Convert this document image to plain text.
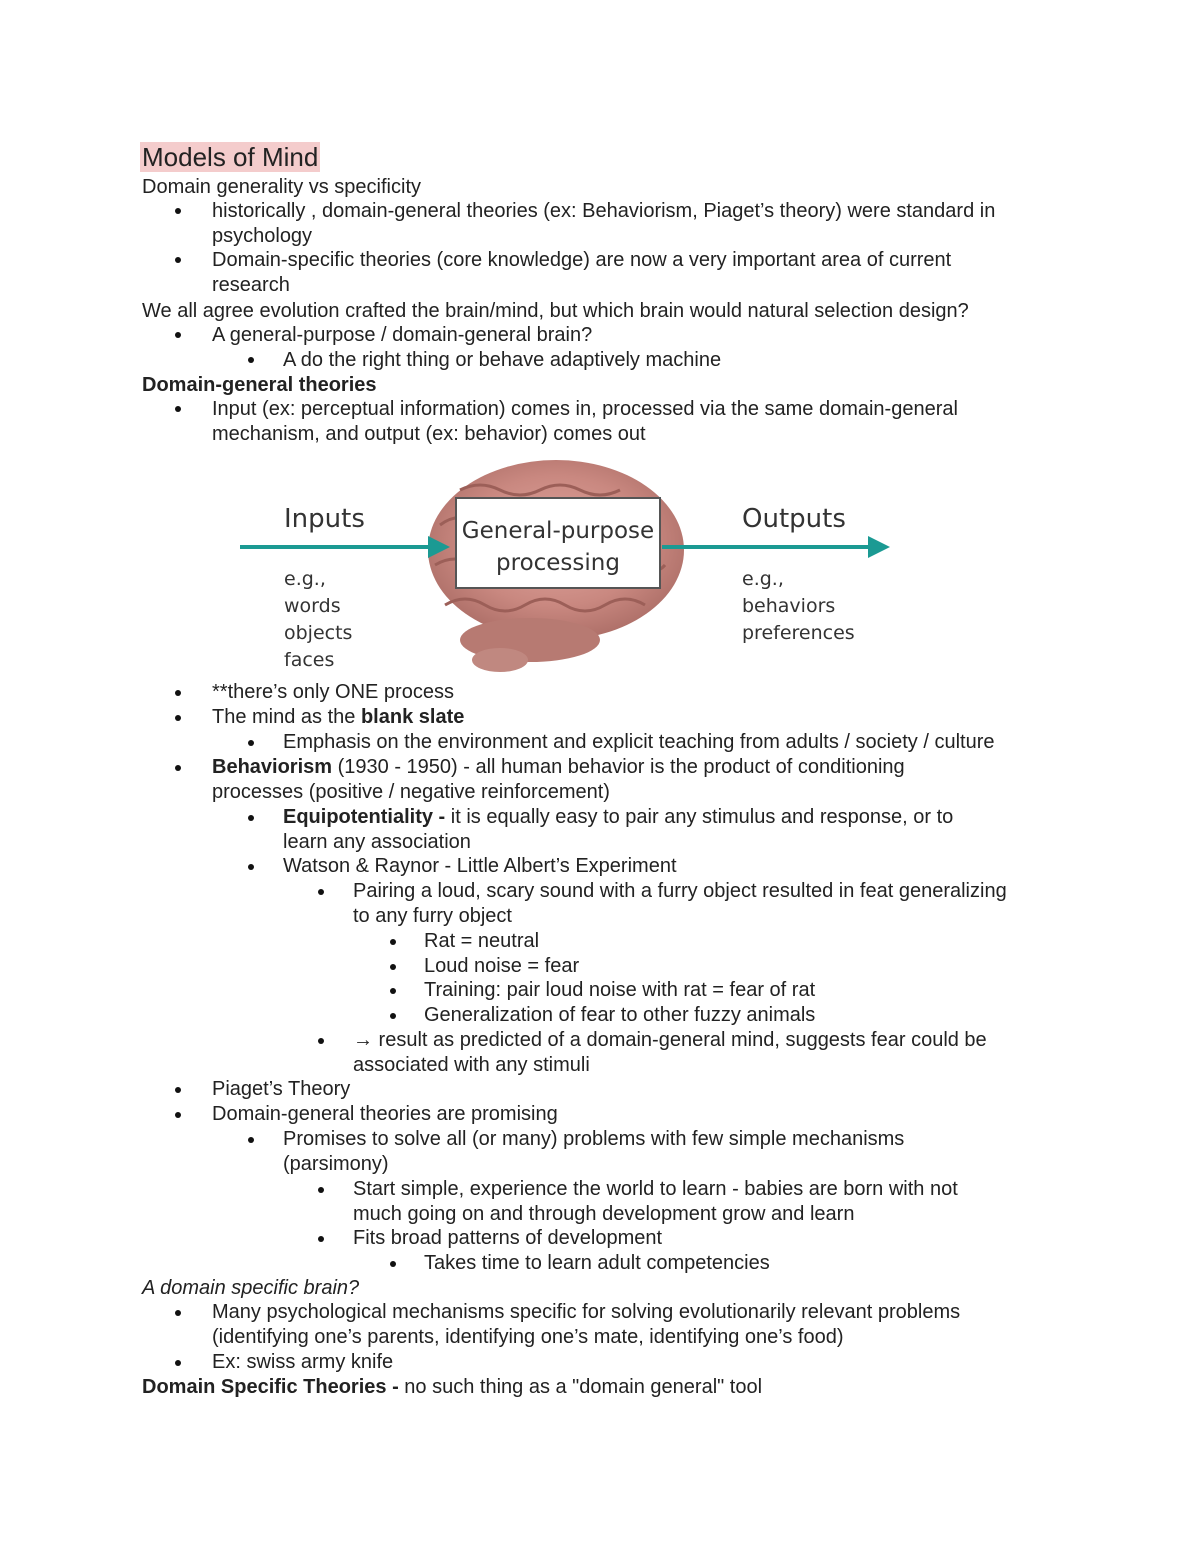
Models of Mind
Domain generality vs specificity
historically , domain-general theories (ex: Behaviorism, Piaget’s theory) were standard in
psychology
Domain-specific theories (core knowledge) are now a very important area of current
research
We all agree evolution crafted the brain/mind, but which brain would natural selection design?
A general-purpose / domain-general brain?
A do the right thing or behave adaptively machine
Domain-general theories
Input (ex: perceptual information) comes in, processed via the same domain-general
mechanism, and output (ex: behavior) comes out
General-purpose
processing
Inputs
e.g.,
words
objects
faces
Outputs
e.g.,
behaviors
preferences
**there’s only ONE process
The mind as the blank slate
Emphasis on the environment and explicit teaching from adults / society / culture
Behaviorism (1930 - 1950) - all human behavior is the product of conditioning
processes (positive / negative reinforcement)
Equipotentiality - it is equally easy to pair any stimulus and response, or to
learn any association
Watson & Raynor - Little Albert’s Experiment
Pairing a loud, scary sound with a furry object resulted in feat generalizing
to any furry object
Rat = neutral
Loud noise = fear
Training: pair loud noise with rat = fear of rat
Generalization of fear to other fuzzy animals
→ result as predicted of a domain-general mind, suggests fear could be
associated with any stimuli
Piaget’s Theory
Domain-general theories are promising
Promises to solve all (or many) problems with few simple mechanisms
(parsimony)
Start simple, experience the world to learn - babies are born with not
much going on and through development grow and learn
Fits broad patterns of development
Takes time to learn adult competencies
A domain specific brain?
Many psychological mechanisms specific for solving evolutionarily relevant problems
(identifying one’s parents, identifying one’s mate, identifying one’s food)
Ex: swiss army knife
Domain Specific Theories - no such thing as a "domain general" tool
